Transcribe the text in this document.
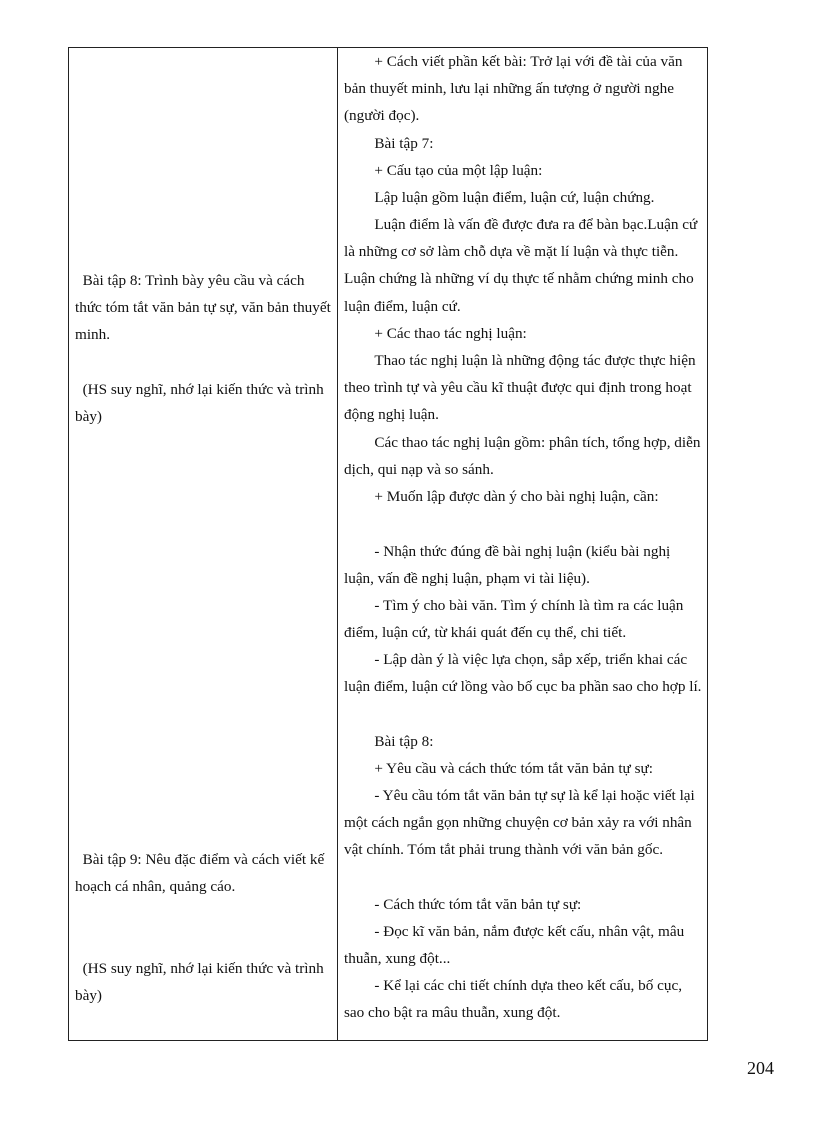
Bài tập 8: Trình bày yêu cầu và cách thức tóm tắt văn bản tự sự, văn bản thuyết minh.
(HS suy nghĩ, nhớ lại kiến thức và trình bày)
Bài tập 9: Nêu đặc điểm và cách viết kế hoạch cá nhân, quảng cáo.
(HS suy nghĩ, nhớ lại kiến thức và trình bày)
+ Cách viết phần kết bài: Trở lại với đề tài của văn bản thuyết minh, lưu lại những ấn tượng ở người nghe (người đọc).
Bài tập 7:
+ Cấu tạo của một lập luận:
Lập luận gồm luận điểm, luận cứ, luận chứng.
Luận điểm là vấn đề được đưa ra để bàn bạc.Luận cứ là những cơ sở làm chỗ dựa về mặt lí luận và thực tiễn. Luận chứng là những ví dụ thực tế nhằm chứng minh cho luận điểm, luận cứ.
+ Các thao tác nghị luận:
Thao tác nghị luận là những động tác được thực hiện theo trình tự và yêu cầu kĩ thuật được qui định trong hoạt động nghị luận.
Các thao tác nghị luận gồm: phân tích, tổng hợp, diễn dịch, qui nạp và so sánh.
+ Muốn lập được dàn ý cho bài nghị luận, cần:
- Nhận thức đúng đề bài nghị luận (kiểu bài nghị luận, vấn đề nghị luận, phạm vi tài liệu).
- Tìm ý cho bài văn. Tìm ý chính là tìm ra các luận điểm, luận cứ, từ khái quát đến cụ thể, chi tiết.
- Lập dàn ý là việc lựa chọn, sắp xếp, triển khai các luận điểm, luận cứ lồng vào bố cục ba phần sao cho hợp lí.
Bài tập 8:
+ Yêu cầu và cách thức tóm tắt văn bản tự sự:
- Yêu cầu tóm tắt văn bản tự sự là kể lại hoặc viết lại một cách ngắn gọn những chuyện cơ bản xảy ra với nhân vật chính. Tóm tắt phải trung thành với văn bản gốc.
- Cách thức tóm tắt văn bản tự sự:
- Đọc kĩ văn bản, nắm được kết cấu, nhân vật, mâu thuẫn, xung đột...
- Kể lại các chi tiết chính dựa theo kết cấu, bố cục, sao cho bật ra mâu thuẫn, xung đột.
204
